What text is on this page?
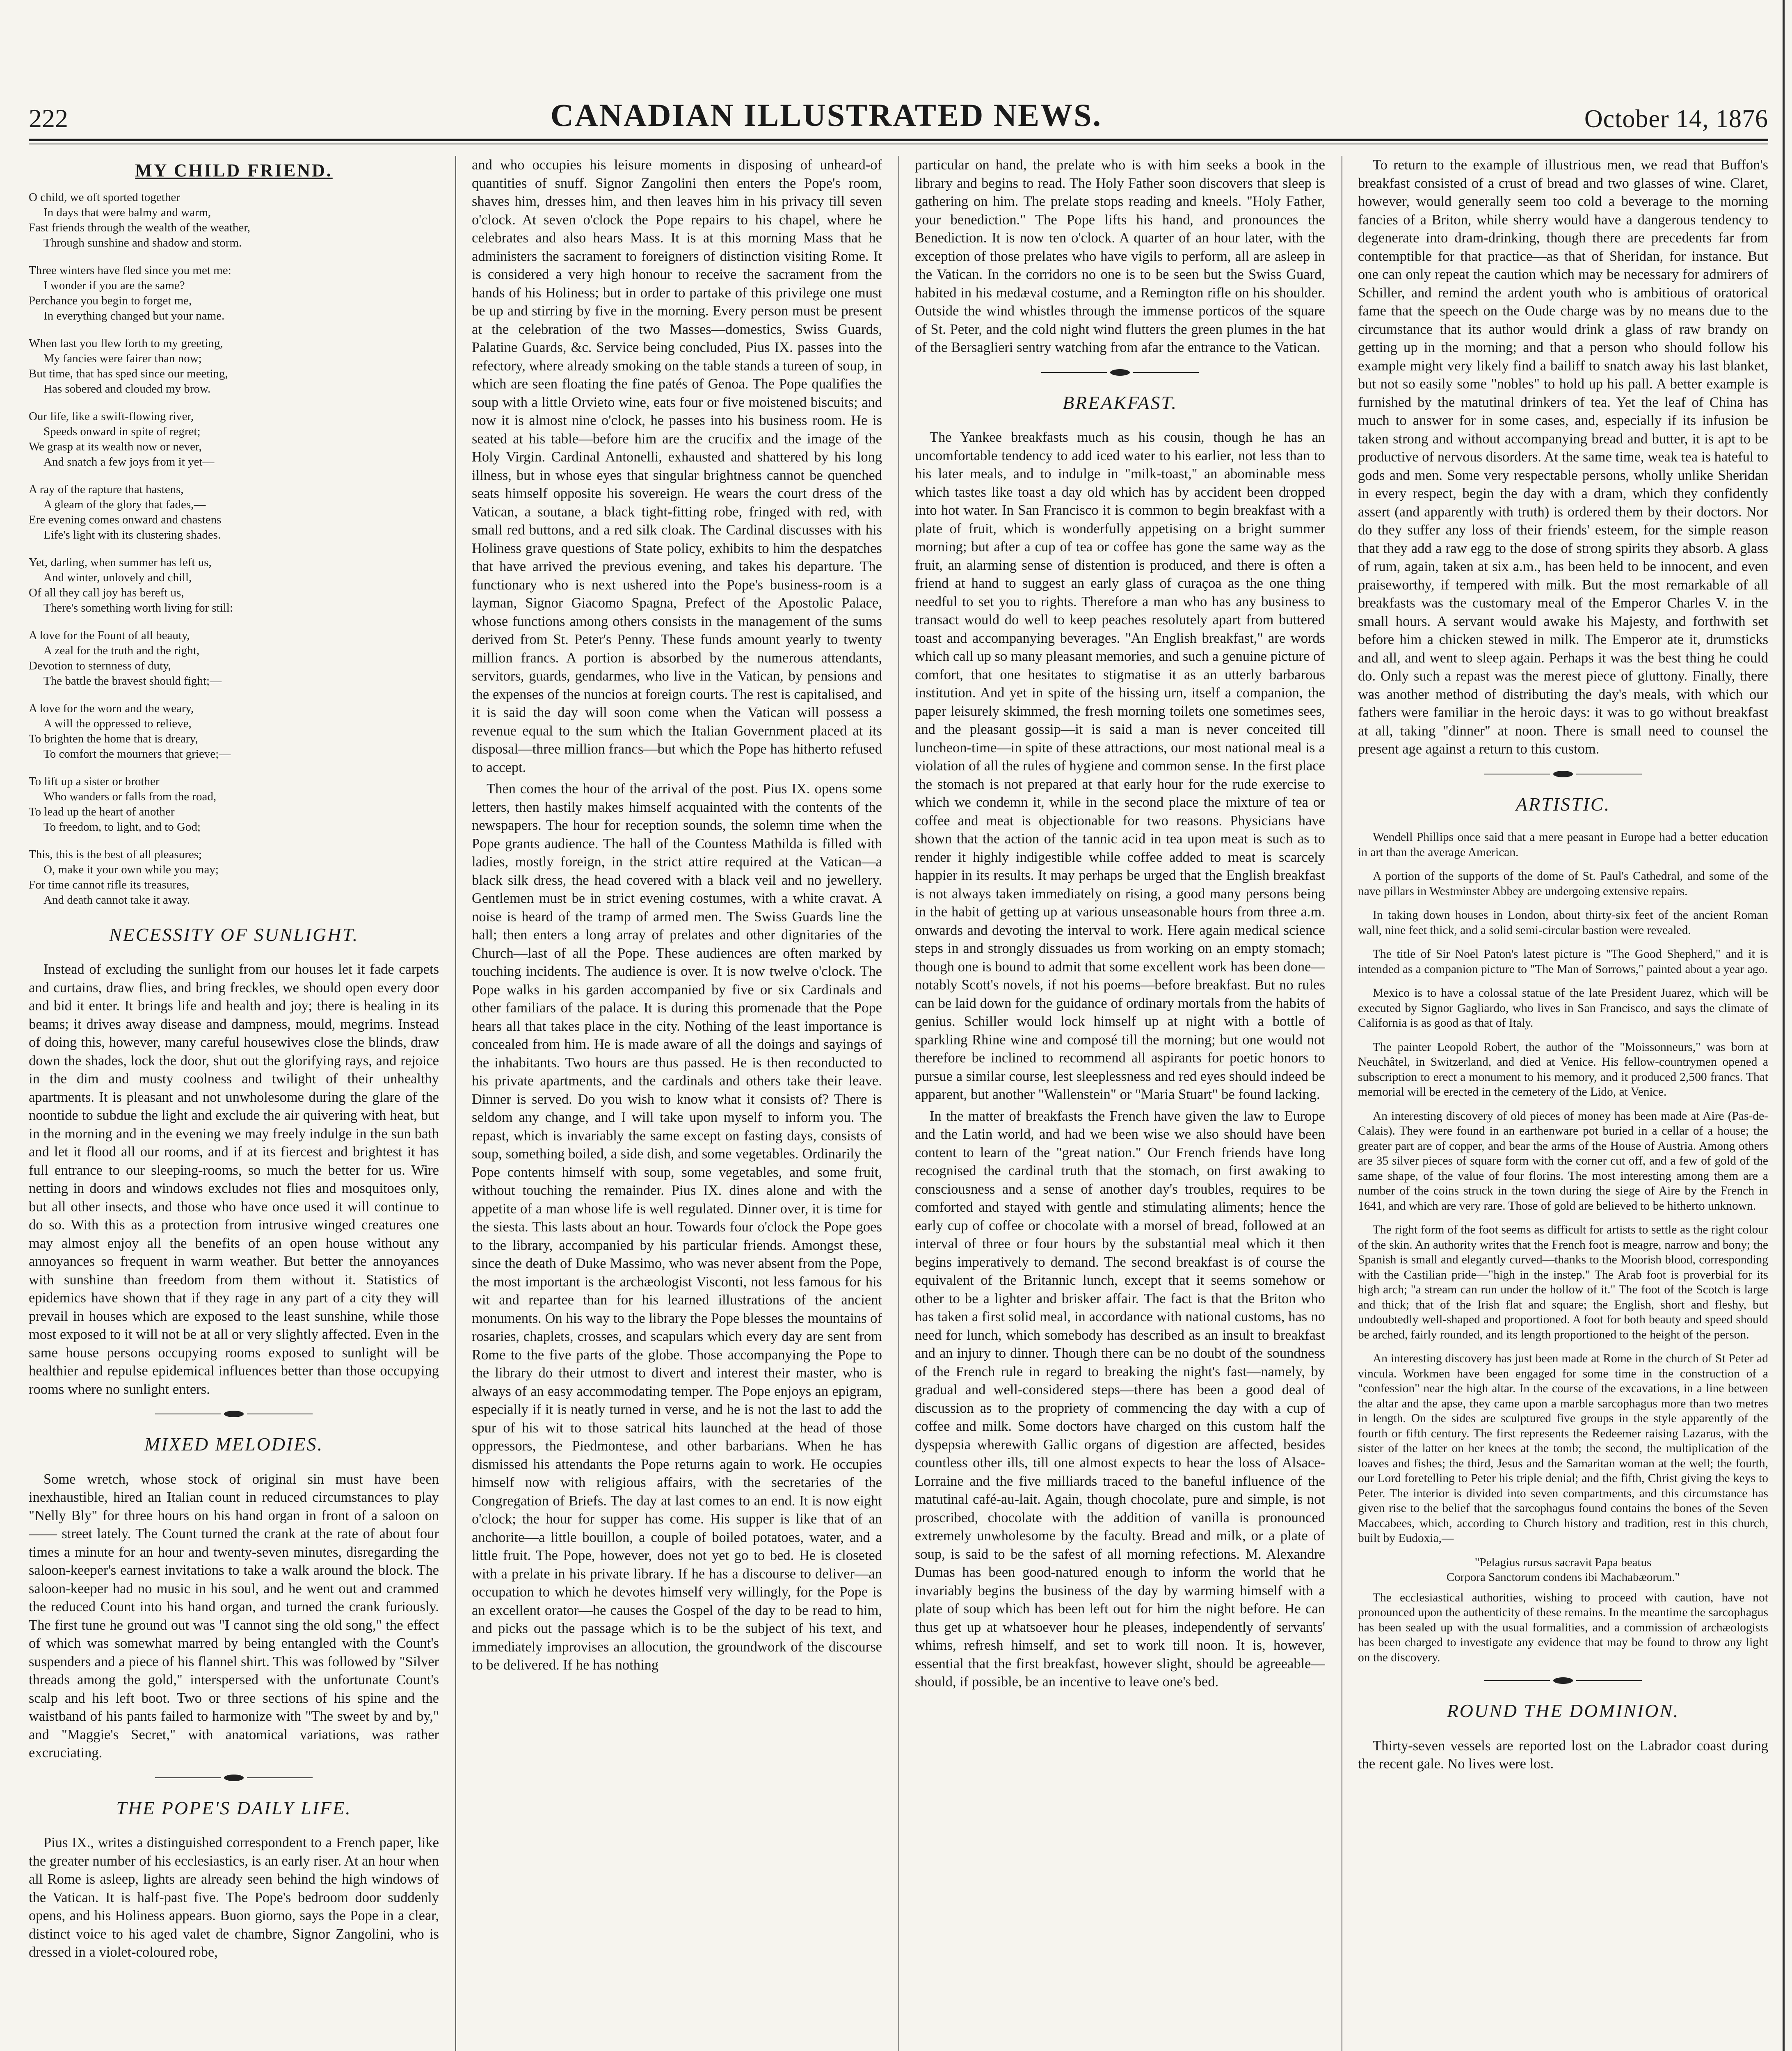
222	CANADIAN ILLUSTRATED NEWS.	October 14, 1876
MY CHILD FRIEND.
O child, we oft sported together
In days that were balmy and warm,
Fast friends through the wealth of the weather,
Through sunshine and shadow and storm.
Three winters have fled since you met me:
I wonder if you are the same?
Perchance you begin to forget me,
In everything changed but your name.
When last you flew forth to my greeting,
My fancies were fairer than now;
But time, that has sped since our meeting,
Has sobered and clouded my brow.
Our life, like a swift-flowing river,
Speeds onward in spite of regret;
We grasp at its wealth now or never,
And snatch a few joys from it yet—
A ray of the rapture that hastens,
A gleam of the glory that fades,—
Ere evening comes onward and chastens
Life's light with its clustering shades.
Yet, darling, when summer has left us,
And winter, unlovely and chill,
Of all they call joy has bereft us,
There's something worth living for still:
A love for the Fount of all beauty,
A zeal for the truth and the right,
Devotion to sternness of duty,
The battle the bravest should fight;—
A love for the worn and the weary,
A will the oppressed to relieve,
To brighten the home that is dreary,
To comfort the mourners that grieve;—
To lift up a sister or brother
Who wanders or falls from the road,
To lead up the heart of another
To freedom, to light, and to God;
This, this is the best of all pleasures;
O, make it your own while you may;
For time cannot rifle its treasures,
And death cannot take it away.
NECESSITY OF SUNLIGHT.

Instead of excluding the sunlight from our houses let it fade carpets and curtains, draw flies, and bring freckles, we should open every door and bid it enter. It brings life and health and joy; there is healing in its beams; it drives away disease and dampness, mould, megrims. Instead of doing this, however, many careful housewives close the blinds, draw down the shades, lock the door, shut out the glorifying rays, and rejoice in the dim and musty coolness and twilight of their unhealthy apartments. It is pleasant and not unwholesome during the glare of the noontide to subdue the light and exclude the air quivering with heat, but in the morning and in the evening we may freely indulge in the sun bath and let it flood all our rooms, and if at its fiercest and brightest it has full entrance to our sleeping-rooms, so much the better for us. Wire netting in doors and windows excludes not flies and mosquitoes only, but all other insects, and those who have once used it will continue to do so. With this as a protection from intrusive winged creatures one may almost enjoy all the benefits of an open house without any annoyances so frequent in warm weather. But better the annoyances with sunshine than freedom from them without it. Statistics of epidemics have shown that if they rage in any part of a city they will prevail in houses which are exposed to the least sunshine, while those most exposed to it will not be at all or very slightly affected. Even in the same house persons occupying rooms exposed to sunlight will be healthier and repulse epidemical influences better than those occupying rooms where no sunlight enters.

MIXED MELODIES.

Some wretch, whose stock of original sin must have been inexhaustible, hired an Italian count in reduced circumstances to play "Nelly Bly" for three hours on his hand organ in front of a saloon on —— street lately. The Count turned the crank at the rate of about four times a minute for an hour and twenty-seven minutes, disregarding the saloon-keeper's earnest invitations to take a walk around the block. The saloon-keeper had no music in his soul, and he went out and crammed the reduced Count into his hand organ, and turned the crank furiously. The first tune he ground out was "I cannot sing the old song," the effect of which was somewhat marred by being entangled with the Count's suspenders and a piece of his flannel shirt. This was followed by "Silver threads among the gold," interspersed with the unfortunate Count's scalp and his left boot. Two or three sections of his spine and the waistband of his pants failed to harmonize with "The sweet by and by," and "Maggie's Secret," with anatomical variations, was rather excruciating.

THE POPE'S DAILY LIFE.

Pius IX., writes a distinguished correspondent to a French paper, like the greater number of his ecclesiastics, is an early riser. At an hour when all Rome is asleep, lights are already seen behind the high windows of the Vatican. It is half-past five. The Pope's bedroom door suddenly opens, and his Holiness appears. Buon giorno, says the Pope in a clear, distinct voice to his aged valet de chambre, Signor Zangolini, who is dressed in a violet-coloured robe,

and who occupies his leisure moments in disposing of unheard-of quantities of snuff. Signor Zangolini then enters the Pope's room, shaves him, dresses him, and then leaves him in his privacy till seven o'clock. At seven o'clock the Pope repairs to his chapel, where he celebrates and also hears Mass. It is at this morning Mass that he administers the sacrament to foreigners of distinction visiting Rome. It is considered a very high honour to receive the sacrament from the hands of his Holiness; but in order to partake of this privilege one must be up and stirring by five in the morning. Every person must be present at the celebration of the two Masses—domestics, Swiss Guards, Palatine Guards, &c. Service being concluded, Pius IX. passes into the refectory, where already smoking on the table stands a tureen of soup, in which are seen floating the fine patés of Genoa. The Pope qualifies the soup with a little Orvieto wine, eats four or five moistened biscuits; and now it is almost nine o'clock, he passes into his business room. He is seated at his table—before him are the crucifix and the image of the Holy Virgin. Cardinal Antonelli, exhausted and shattered by his long illness, but in whose eyes that singular brightness cannot be quenched seats himself opposite his sovereign. He wears the court dress of the Vatican, a soutane, a black tight-fitting robe, fringed with red, with small red buttons, and a red silk cloak. The Cardinal discusses with his Holiness grave questions of State policy, exhibits to him the despatches that have arrived the previous evening, and takes his departure. The functionary who is next ushered into the Pope's business-room is a layman, Signor Giacomo Spagna, Prefect of the Apostolic Palace, whose functions among others consists in the management of the sums derived from St. Peter's Penny. These funds amount yearly to twenty million francs. A portion is absorbed by the numerous attendants, servitors, guards, gendarmes, who live in the Vatican, by pensions and the expenses of the nuncios at foreign courts. The rest is capitalised, and it is said the day will soon come when the Vatican will possess a revenue equal to the sum which the Italian Government placed at its disposal—three million francs—but which the Pope has hitherto refused to accept.

Then comes the hour of the arrival of the post. Pius IX. opens some letters, then hastily makes himself acquainted with the contents of the newspapers. The hour for reception sounds, the solemn time when the Pope grants audience. The hall of the Countess Mathilda is filled with ladies, mostly foreign, in the strict attire required at the Vatican—a black silk dress, the head covered with a black veil and no jewellery. Gentlemen must be in strict evening costumes, with a white cravat. A noise is heard of the tramp of armed men. The Swiss Guards line the hall; then enters a long array of prelates and other dignitaries of the Church—last of all the Pope. These audiences are often marked by touching incidents. The audience is over. It is now twelve o'clock. The Pope walks in his garden accompanied by five or six Cardinals and other familiars of the palace. It is during this promenade that the Pope hears all that takes place in the city. Nothing of the least importance is concealed from him. He is made aware of all the doings and sayings of the inhabitants. Two hours are thus passed. He is then reconducted to his private apartments, and the cardinals and others take their leave. Dinner is served. Do you wish to know what it consists of? There is seldom any change, and I will take upon myself to inform you. The repast, which is invariably the same except on fasting days, consists of soup, something boiled, a side dish, and some vegetables. Ordinarily the Pope contents himself with soup, some vegetables, and some fruit, without touching the remainder. Pius IX. dines alone and with the appetite of a man whose life is well regulated. Dinner over, it is time for the siesta. This lasts about an hour. Towards four o'clock the Pope goes to the library, accompanied by his particular friends. Amongst these, since the death of Duke Massimo, who was never absent from the Pope, the most important is the archæologist Visconti, not less famous for his wit and repartee than for his learned illustrations of the ancient monuments. On his way to the library the Pope blesses the mountains of rosaries, chaplets, crosses, and scapulars which every day are sent from Rome to the five parts of the globe. Those accompanying the Pope to the library do their utmost to divert and interest their master, who is always of an easy accommodating temper. The Pope enjoys an epigram, especially if it is neatly turned in verse, and he is not the last to add the spur of his wit to those satrical hits launched at the head of those oppressors, the Piedmontese, and other barbarians. When he has dismissed his attendants the Pope returns again to work. He occupies himself now with religious affairs, with the secretaries of the Congregation of Briefs. The day at last comes to an end. It is now eight o'clock; the hour for supper has come. His supper is like that of an anchorite—a little bouillon, a couple of boiled potatoes, water, and a little fruit. The Pope, however, does not yet go to bed. He is closeted with a prelate in his private library. If he has a discourse to deliver—an occupation to which he devotes himself very willingly, for the Pope is an excellent orator—he causes the Gospel of the day to be read to him, and picks out the passage which is to be the subject of his text, and immediately improvises an allocution, the groundwork of the discourse to be delivered. If he has nothing

particular on hand, the prelate who is with him seeks a book in the library and begins to read. The Holy Father soon discovers that sleep is gathering on him. The prelate stops reading and kneels. "Holy Father, your benediction." The Pope lifts his hand, and pronounces the Benediction. It is now ten o'clock. A quarter of an hour later, with the exception of those prelates who have vigils to perform, all are asleep in the Vatican. In the corridors no one is to be seen but the Swiss Guard, habited in his medæval costume, and a Remington rifle on his shoulder. Outside the wind whistles through the immense porticos of the square of St. Peter, and the cold night wind flutters the green plumes in the hat of the Bersaglieri sentry watching from afar the entrance to the Vatican.

BREAKFAST.

The Yankee breakfasts much as his cousin, though he has an uncomfortable tendency to add iced water to his earlier, not less than to his later meals, and to indulge in "milk-toast," an abominable mess which tastes like toast a day old which has by accident been dropped into hot water. In San Francisco it is common to begin breakfast with a plate of fruit, which is wonderfully appetising on a bright summer morning; but after a cup of tea or coffee has gone the same way as the fruit, an alarming sense of distention is produced, and there is often a friend at hand to suggest an early glass of curaçoa as the one thing needful to set you to rights. Therefore a man who has any business to transact would do well to keep peaches resolutely apart from buttered toast and accompanying beverages. "An English breakfast," are words which call up so many pleasant memories, and such a genuine picture of comfort, that one hesitates to stigmatise it as an utterly barbarous institution. And yet in spite of the hissing urn, itself a companion, the paper leisurely skimmed, the fresh morning toilets one sometimes sees, and the pleasant gossip—it is said a man is never conceited till luncheon-time—in spite of these attractions, our most national meal is a violation of all the rules of hygiene and common sense. In the first place the stomach is not prepared at that early hour for the rude exercise to which we condemn it, while in the second place the mixture of tea or coffee and meat is objectionable for two reasons. Physicians have shown that the action of the tannic acid in tea upon meat is such as to render it highly indigestible while coffee added to meat is scarcely happier in its results. It may perhaps be urged that the English breakfast is not always taken immediately on rising, a good many persons being in the habit of getting up at various unseasonable hours from three a.m. onwards and devoting the interval to work. Here again medical science steps in and strongly dissuades us from working on an empty stomach; though one is bound to admit that some excellent work has been done—notably Scott's novels, if not his poems—before breakfast. But no rules can be laid down for the guidance of ordinary mortals from the habits of genius. Schiller would lock himself up at night with a bottle of sparkling Rhine wine and composé till the morning; but one would not therefore be inclined to recommend all aspirants for poetic honors to pursue a similar course, lest sleeplessness and red eyes should indeed be apparent, but another "Wallenstein" or "Maria Stuart" be found lacking.

In the matter of breakfasts the French have given the law to Europe and the Latin world, and had we been wise we also should have been content to learn of the "great nation." Our French friends have long recognised the cardinal truth that the stomach, on first awaking to consciousness and a sense of another day's troubles, requires to be comforted and stayed with gentle and stimulating aliments; hence the early cup of coffee or chocolate with a morsel of bread, followed at an interval of three or four hours by the substantial meal which it then begins imperatively to demand. The second breakfast is of course the equivalent of the Britannic lunch, except that it seems somehow or other to be a lighter and brisker affair. The fact is that the Briton who has taken a first solid meal, in accordance with national customs, has no need for lunch, which somebody has described as an insult to breakfast and an injury to dinner. Though there can be no doubt of the soundness of the French rule in regard to breaking the night's fast—namely, by gradual and well-considered steps—there has been a good deal of discussion as to the propriety of commencing the day with a cup of coffee and milk. Some doctors have charged on this custom half the dyspepsia wherewith Gallic organs of digestion are affected, besides countless other ills, till one almost expects to hear the loss of Alsace-Lorraine and the five milliards traced to the baneful influence of the matutinal café-au-lait. Again, though chocolate, pure and simple, is not proscribed, chocolate with the addition of vanilla is pronounced extremely unwholesome by the faculty. Bread and milk, or a plate of soup, is said to be the safest of all morning refections. M. Alexandre Dumas has been good-natured enough to inform the world that he invariably begins the business of the day by warming himself with a plate of soup which has been left out for him the night before. He can thus get up at whatsoever hour he pleases, independently of servants' whims, refresh himself, and set to work till noon. It is, however, essential that the first breakfast, however slight, should be agreeable—should, if possible, be an incentive to leave one's bed.

To return to the example of illustrious men, we read that Buffon's breakfast consisted of a crust of bread and two glasses of wine. Claret, however, would generally seem too cold a beverage to the morning fancies of a Briton, while sherry would have a dangerous tendency to degenerate into dram-drinking, though there are precedents far from contemptible for that practice—as that of Sheridan, for instance. But one can only repeat the caution which may be necessary for admirers of Schiller, and remind the ardent youth who is ambitious of oratorical fame that the speech on the Oude charge was by no means due to the circumstance that its author would drink a glass of raw brandy on getting up in the morning; and that a person who should follow his example might very likely find a bailiff to snatch away his last blanket, but not so easily some "nobles" to hold up his pall. A better example is furnished by the matutinal drinkers of tea. Yet the leaf of China has much to answer for in some cases, and, especially if its infusion be taken strong and without accompanying bread and butter, it is apt to be productive of nervous disorders. At the same time, weak tea is hateful to gods and men. Some very respectable persons, wholly unlike Sheridan in every respect, begin the day with a dram, which they confidently assert (and apparently with truth) is ordered them by their doctors. Nor do they suffer any loss of their friends' esteem, for the simple reason that they add a raw egg to the dose of strong spirits they absorb. A glass of rum, again, taken at six a.m., has been held to be innocent, and even praiseworthy, if tempered with milk. But the most remarkable of all breakfasts was the customary meal of the Emperor Charles V. in the small hours. A servant would awake his Majesty, and forthwith set before him a chicken stewed in milk. The Emperor ate it, drumsticks and all, and went to sleep again. Perhaps it was the best thing he could do. Only such a repast was the merest piece of gluttony. Finally, there was another method of distributing the day's meals, with which our fathers were familiar in the heroic days: it was to go without breakfast at all, taking "dinner" at noon. There is small need to counsel the present age against a return to this custom.

ARTISTIC.

Wendell Phillips once said that a mere peasant in Europe had a better education in art than the average American.

A portion of the supports of the dome of St. Paul's Cathedral, and some of the nave pillars in Westminster Abbey are undergoing extensive repairs.

In taking down houses in London, about thirty-six feet of the ancient Roman wall, nine feet thick, and a solid semi-circular bastion were revealed.

The title of Sir Noel Paton's latest picture is "The Good Shepherd," and it is intended as a companion picture to "The Man of Sorrows," painted about a year ago.

Mexico is to have a colossal statue of the late President Juarez, which will be executed by Signor Gagliardo, who lives in San Francisco, and says the climate of California is as good as that of Italy.

The painter Leopold Robert, the author of the "Moissonneurs," was born at Neuchâtel, in Switzerland, and died at Venice. His fellow-countrymen opened a subscription to erect a monument to his memory, and it produced 2,500 francs. That memorial will be erected in the cemetery of the Lido, at Venice.

An interesting discovery of old pieces of money has been made at Aire (Pas-de-Calais). They were found in an earthenware pot buried in a cellar of a house; the greater part are of copper, and bear the arms of the House of Austria. Among others are 35 silver pieces of square form with the corner cut off, and a few of gold of the same shape, of the value of four florins. The most interesting among them are a number of the coins struck in the town during the siege of Aire by the French in 1641, and which are very rare. Those of gold are believed to be hitherto unknown.

The right form of the foot seems as difficult for artists to settle as the right colour of the skin. An authority writes that the French foot is meagre, narrow and bony; the Spanish is small and elegantly curved—thanks to the Moorish blood, corresponding with the Castilian pride—"high in the instep." The Arab foot is proverbial for its high arch; "a stream can run under the hollow of it." The foot of the Scotch is large and thick; that of the Irish flat and square; the English, short and fleshy, but undoubtedly well-shaped and proportioned. A foot for both beauty and speed should be arched, fairly rounded, and its length proportioned to the height of the person.

An interesting discovery has just been made at Rome in the church of St Peter ad vincula. Workmen have been engaged for some time in the construction of a "confession" near the high altar. In the course of the excavations, in a line between the altar and the apse, they came upon a marble sarcophagus more than two metres in length. On the sides are sculptured five groups in the style apparently of the fourth or fifth century. The first represents the Redeemer raising Lazarus, with the sister of the latter on her knees at the tomb; the second, the multiplication of the loaves and fishes; the third, Jesus and the Samaritan woman at the well; the fourth, our Lord foretelling to Peter his triple denial; and the fifth, Christ giving the keys to Peter. The interior is divided into seven compartments, and this circumstance has given rise to the belief that the sarcophagus found contains the bones of the Seven Maccabees, which, according to Church history and tradition, rest in this church, built by Eudoxia,—

"Pelagius rursus sacravit Papa beatus
Corpora Sanctorum condens ibi Machabæorum."

The ecclesiastical authorities, wishing to proceed with caution, have not pronounced upon the authenticity of these remains. In the meantime the sarcophagus has been sealed up with the usual formalities, and a commission of archæologists has been charged to investigate any evidence that may be found to throw any light on the discovery.

ROUND THE DOMINION.

Thirty-seven vessels are reported lost on the Labrador coast during the recent gale. No lives were lost.
